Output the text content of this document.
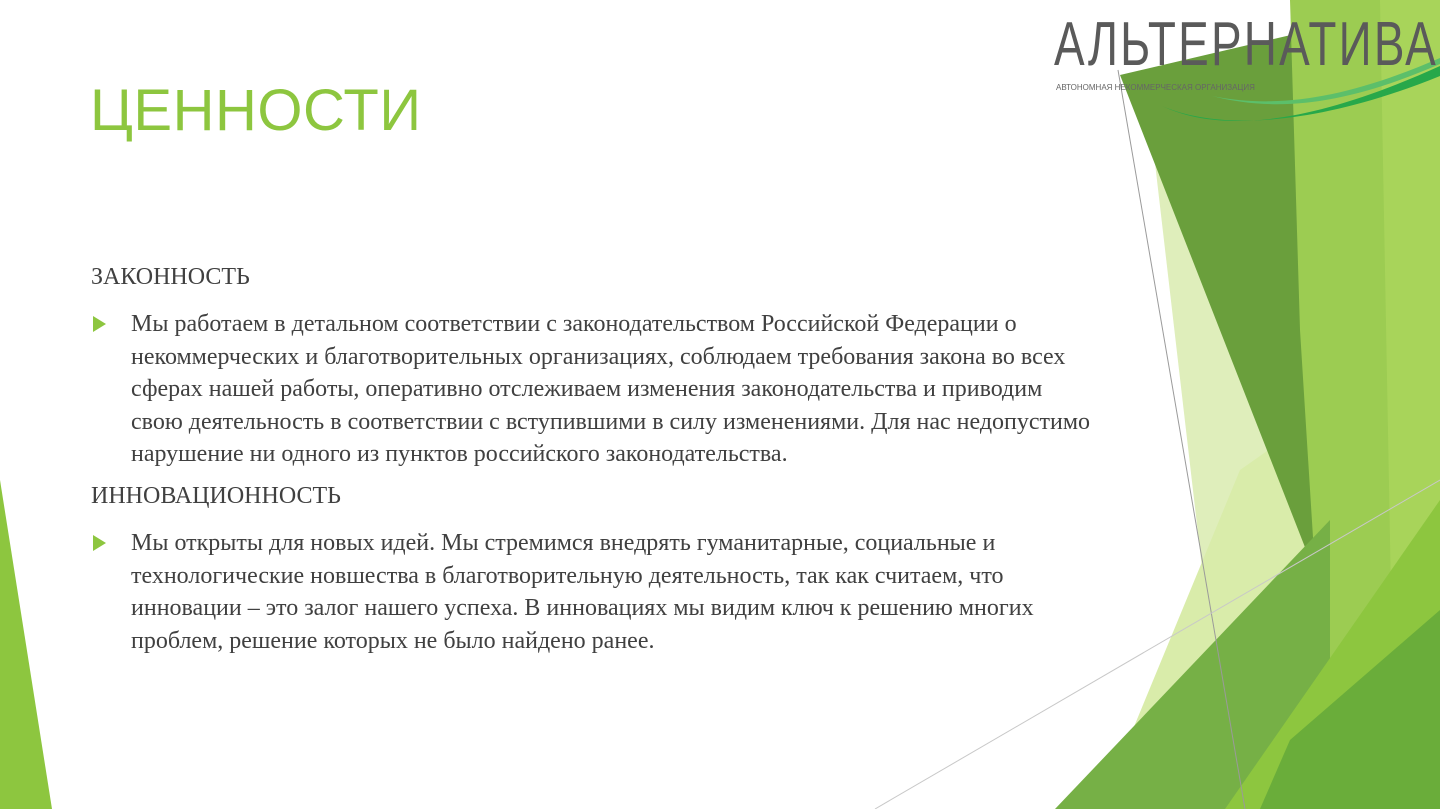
ЦЕННОСТИ

ЗАКОННОСТЬ

Мы работаем в детальном соответствии с законодательством Российской Федерации о некоммерческих и благотворительных организациях, соблюдаем требования закона во всех сферах нашей работы, оперативно отслеживаем изменения законодательства и приводим свою деятельность в соответствии с вступившими в силу изменениями. Для нас недопустимо нарушение ни одного из пунктов российского законодательства.

ИННОВАЦИОННОСТЬ

Мы открыты для новых идей. Мы стремимся внедрять гуманитарные, социальные и технологические новшества в благотворительную деятельность, так как считаем, что инновации – это залог нашего успеха. В инновациях мы видим ключ к решению многих проблем, решение которых не было найдено ранее.
АЛЬТЕРНАТИВА
АВТОНОМНАЯ НЕКОММЕРЧЕСКАЯ ОРГАНИЗАЦИЯ
